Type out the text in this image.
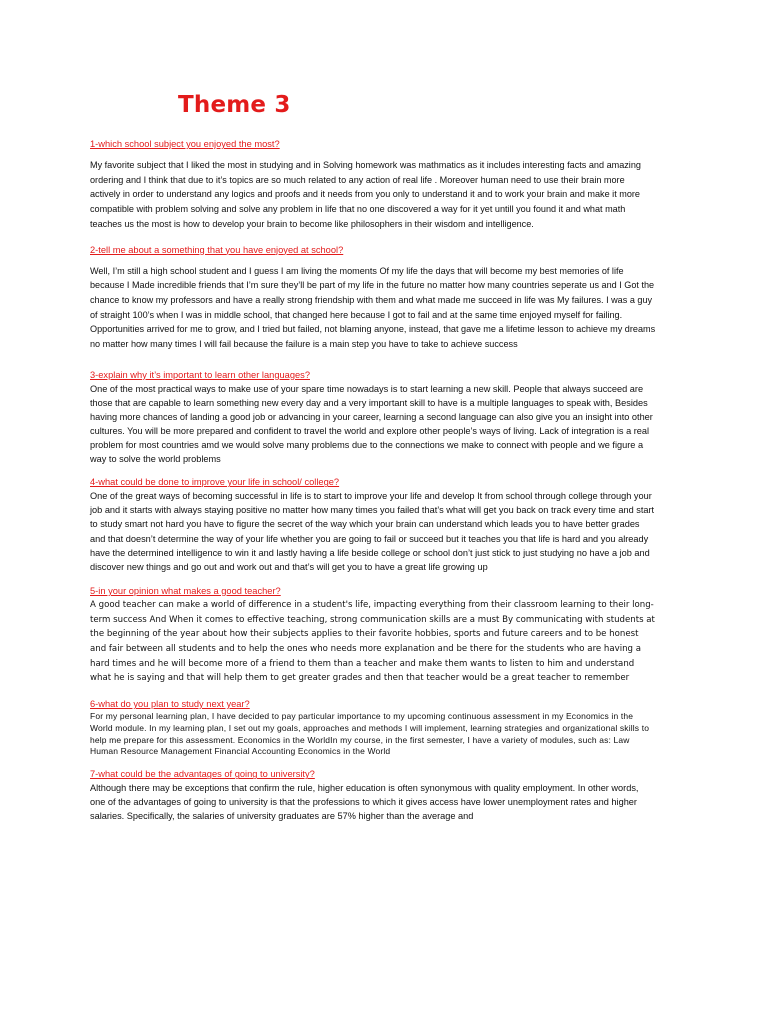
Theme 3

1-which school subject you enjoyed the most?

My favorite subject that I liked the most in studying and in Solving homework was mathmatics as it includes interesting facts and amazing ordering and I think that due to it’s topics are so much related to any action of real life . Moreover human need to use their brain more actively in order to understand any logics and proofs and it needs from you only to understand it and to work your brain and make it more compatible with problem solving and solve any problem in life that no one discovered a way for it yet untill you found it and what math teaches us the most is how to develop your brain to become like philosophers in their wisdom and intelligence.

2-tell me about a something that you have enjoyed at school?

Well, I’m still a high school student and I guess I am living the moments Of my life the days that will become my best memories of life because I Made incredible friends that I’m sure they’ll be part of my life in the future no matter how many countries seperate us and I Got the chance to know my professors and have a really strong friendship with them and what made me succeed in life was My failures. I was a guy of straight 100’s when I was in middle school, that changed here because I got to fail and at the same time enjoyed myself for failing. Opportunities arrived for me to grow, and I tried but failed, not blaming anyone, instead, that gave me a lifetime lesson to achieve my dreams no matter how many times I will fail because the failure is a main step you have to take to achieve success

3-explain why it’s important to learn other languages?

One of the most practical ways to make use of your spare time nowadays is to start learning a new skill. People that always succeed are those that are capable to learn something new every day and a very important skill to have is a multiple languages to speak with, Besides having more chances of landing a good job or advancing in your career, learning a second language can also give you an insight into other cultures. You will be more prepared and confident to travel the world and explore other people’s ways of living. Lack of integration is a real problem for most countries amd we would solve many problems due to the connections we make to connect with people and we figure a way to solve the world problems

4-what could be done to improve your life in school/ college?

One of the great ways of becoming successful in life is to start to improve your life and develop It from school through college through your job and it starts with always staying positive no matter how many times you failed that’s what will get you back on track every time and start to study smart not hard you have to figure the secret of the way which your brain can understand which leads you to have better grades and that doesn’t determine the way of your life whether you are going to fail or succeed but it teaches you that life is hard and you already have the determined intelligence to win it and lastly having a life beside college or school don’t just stick to just studying no have a job and discover new things and go out and work out and that’s will get you to have a great life growing up

5-in your opinion what makes a good teacher?

A good teacher can make a world of difference in a student's life, impacting everything from their classroom learning to their long-term success And When it comes to effective teaching, strong communication skills are a must By communicating with students at the beginning of the year about how their subjects applies to their favorite hobbies, sports and future careers and to be honest and fair between all students and to help the ones who needs more explanation and be there for the students who are having a hard times and he will become more of a friend to them than a teacher and make them wants to listen to him and understand what he is saying and that will help them to get greater grades and then that teacher would be a great teacher to remember

6-what do you plan to study next year?

For my personal learning plan, I have decided to pay particular importance to my upcoming continuous assessment in my Economics in the World module. In my learning plan, I set out my goals, approaches and methods I will implement, learning strategies and organizational skills to help me prepare for this assessment. Economics in the WorldIn my course, in the first semester, I have a variety of modules, such as: Law Human Resource Management Financial Accounting Economics in the World

7-what could be the advantages of going to university?

Although there may be exceptions that confirm the rule, higher education is often synonymous with quality employment. In other words, one of the advantages of going to university is that the professions to which it gives access have lower unemployment rates and higher salaries. Specifically, the salaries of university graduates are 57% higher than the average and
